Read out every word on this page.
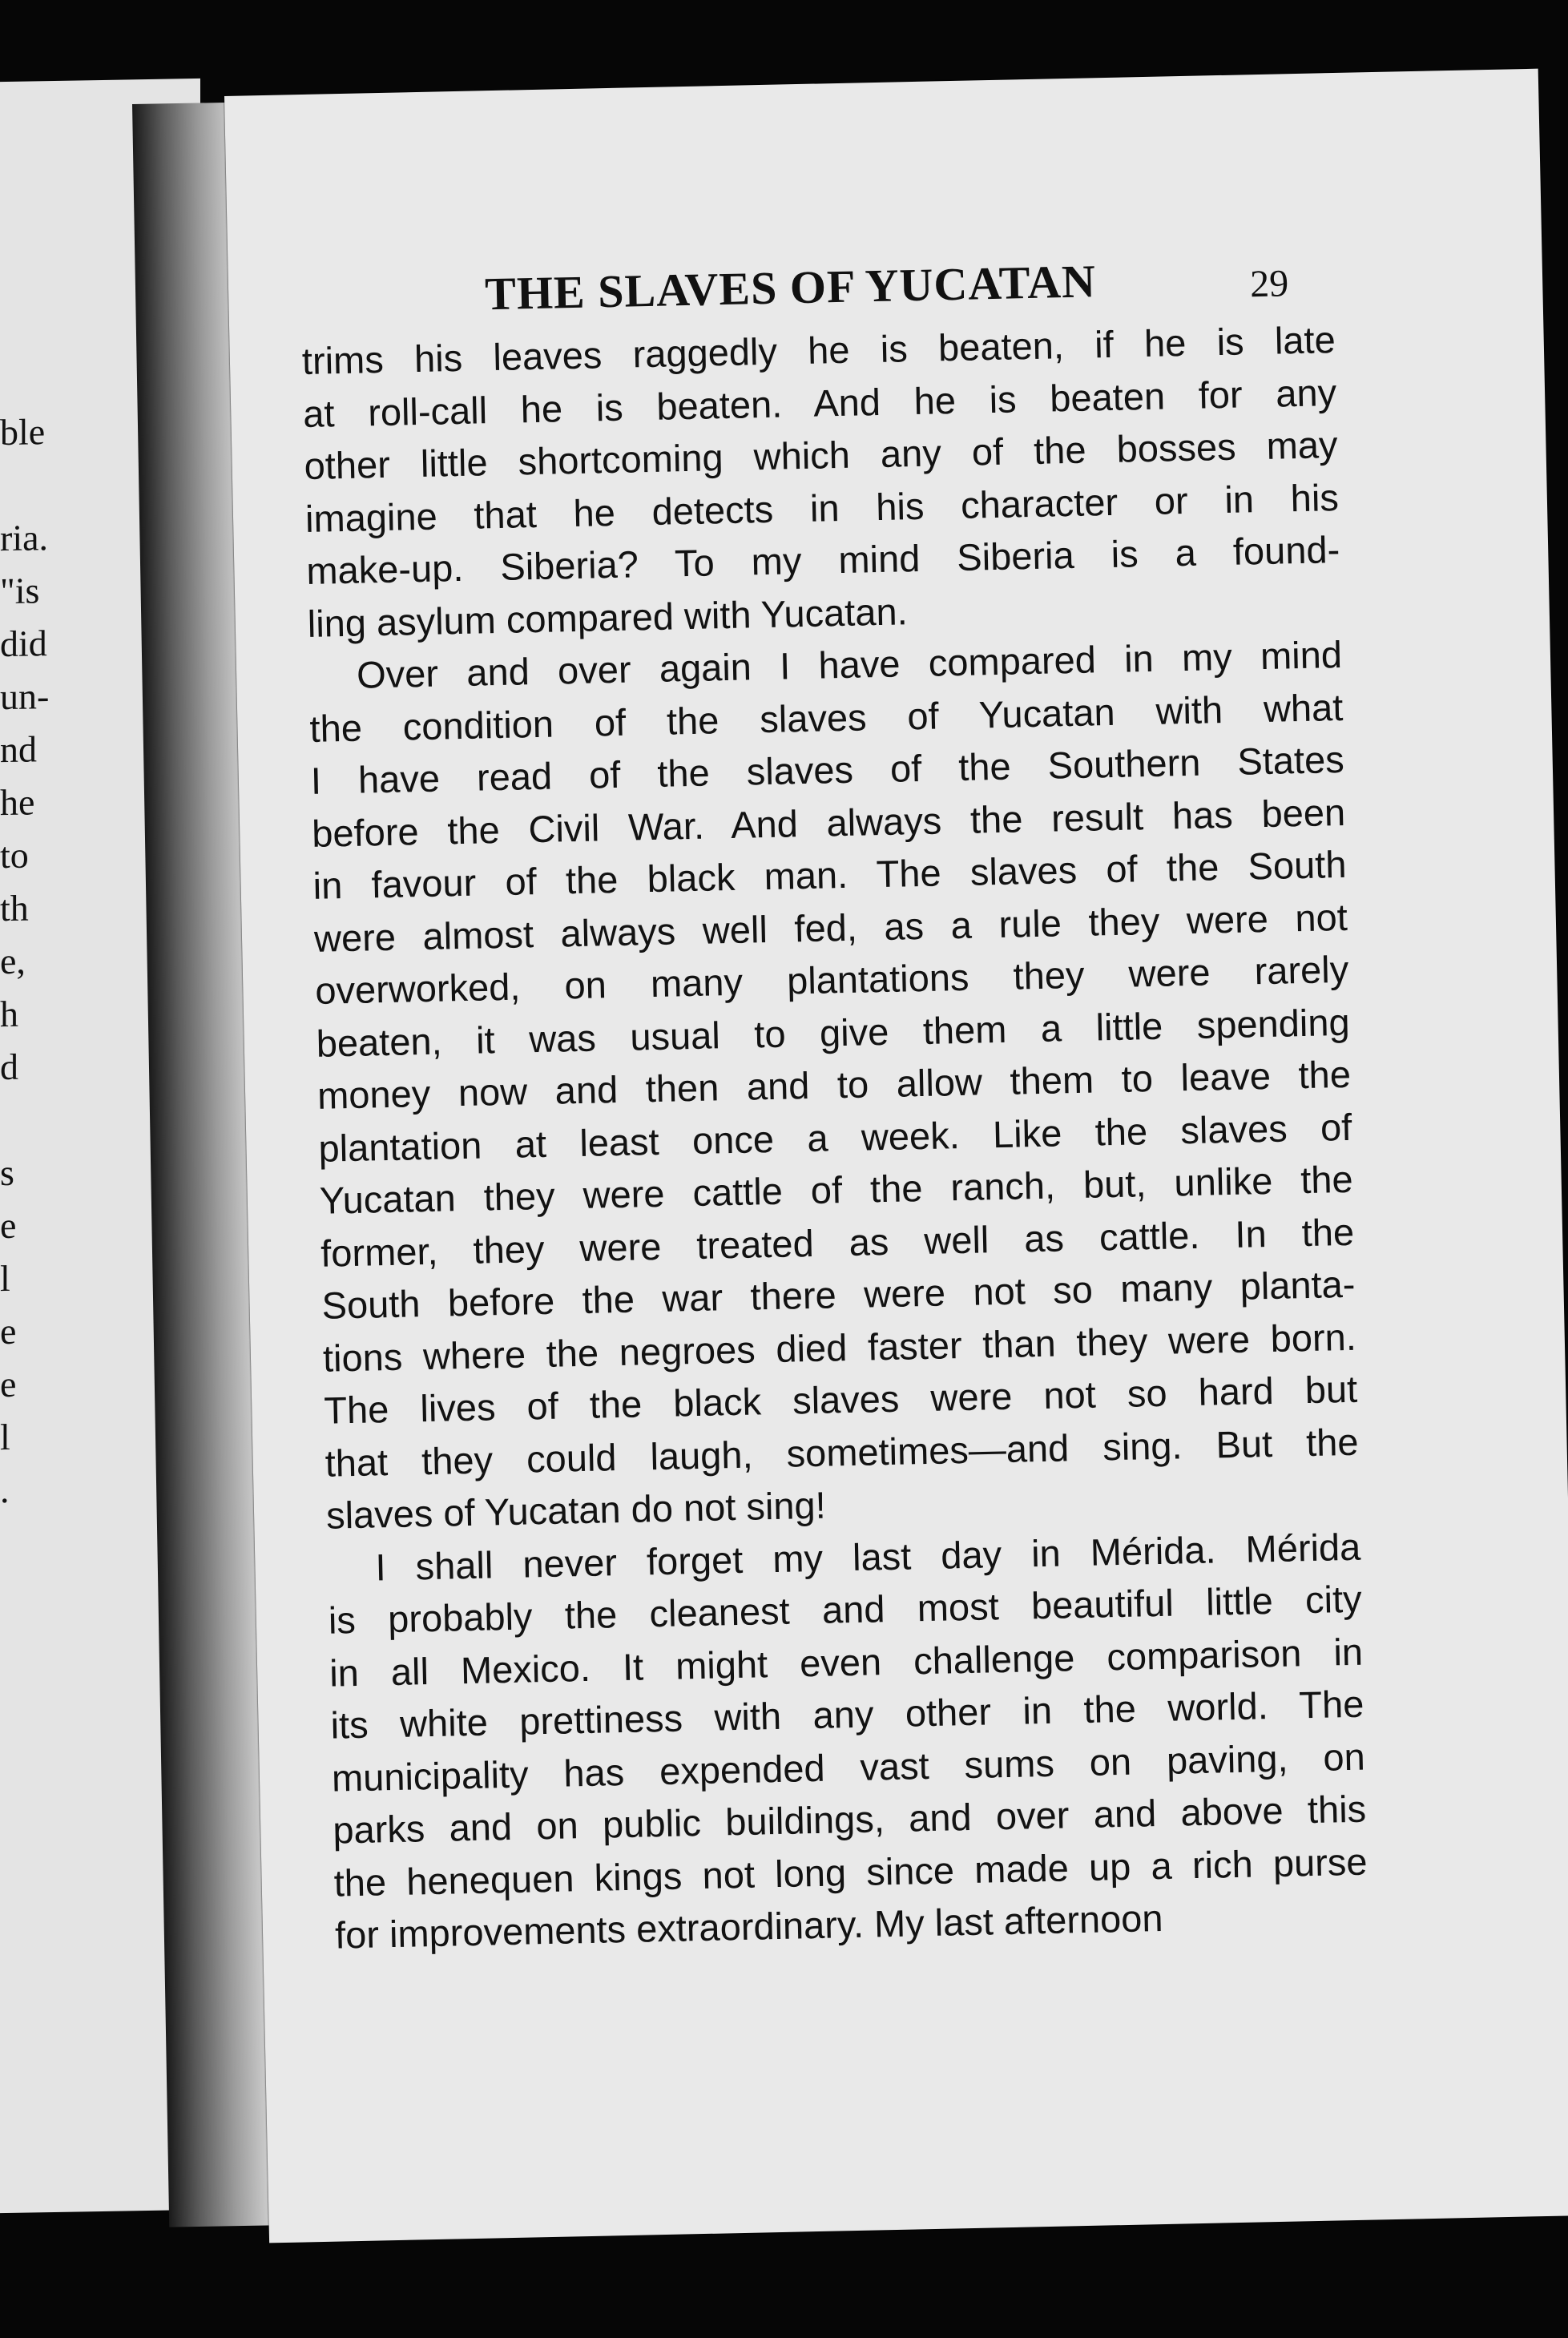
ble
ria.
"is
did
un-
nd
he
to
th
e,
h
d
s
e
l
e
e
l
.
THE SLAVES OF YUCATAN	29
trims his leaves raggedly he is beaten, if he is late
at roll-call he is beaten. And he is beaten for any
other little shortcoming which any of the bosses may
imagine that he detects in his character or in his
make-up. Siberia? To my mind Siberia is a found-
ling asylum compared with Yucatan.
Over and over again I have compared in my mind
the condition of the slaves of Yucatan with what
I have read of the slaves of the Southern States
before the Civil War. And always the result has been
in favour of the black man. The slaves of the South
were almost always well fed, as a rule they were not
overworked, on many plantations they were rarely
beaten, it was usual to give them a little spending
money now and then and to allow them to leave the
plantation at least once a week. Like the slaves of
Yucatan they were cattle of the ranch, but, unlike the
former, they were treated as well as cattle. In the
South before the war there were not so many planta-
tions where the negroes died faster than they were born.
The lives of the black slaves were not so hard but
that they could laugh, sometimes—and sing. But the
slaves of Yucatan do not sing!
I shall never forget my last day in Mérida. Mérida
is probably the cleanest and most beautiful little city
in all Mexico. It might even challenge comparison in
its white prettiness with any other in the world. The
municipality has expended vast sums on paving, on
parks and on public buildings, and over and above this
the henequen kings not long since made up a rich purse
for improvements extraordinary. My last afternoon
